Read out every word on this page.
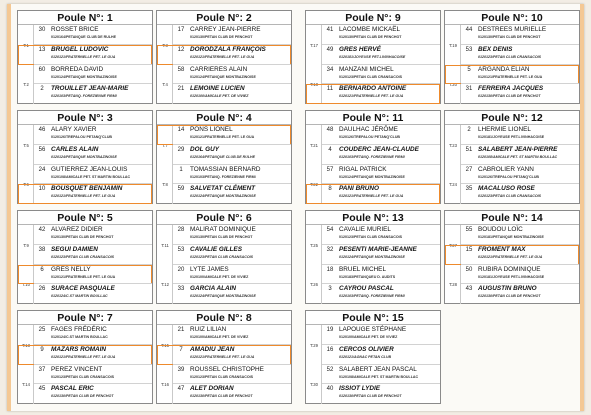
Poule N°: 1
T:1
T:2
30 ROSSET BRICE
0120164/PETANQUE CLUB DE RULHE
13 BRUGEL LUDOVIC
0120121/FRATERNELLE PET. LE GUA
60 BORREDA DAVID
0120124/PETANQUE MONTBAZINOISE
2	TROUILLET JEAN-MARIE
0120103/PETANQ. FOREZIENNE FIRMI
Poule N°: 2
T:3
T:4
17 CARREY JEAN-PIERRE
0120130/PETAN CLUB DE PENCHOT
12 DORODZALA FRANÇOIS
0120121/FRATERNELLE PET. LE GUA
58 CARRIERES ALAIN
0120124/PETANQUE MONTBAZINOISE
21 LEMOINE LUCIEN
0120100/AMICALE PET. DE VIVIEZ
Poule N°: 9
T:17
T:18
41 LACOMBE MICKAËL
0120130/PETAN CLUB DE PENCHOT
49 GRES HERVÉ
0120181/JOYEUSE PET.LIVINHACOISE
34 MANZANI MICHEL
0120123/PETAN CLUB CRANSACOIS
11 BERNARDO ANTOINE
0120121/FRATERNELLE PET. LE GUA
Poule N°: 10
T:19
T:20
44 DESTREES MURIELLE
0120130/PETAN CLUB DE PENCHOT
53 BEX DENIS
0120123/PETAN CLUB CRANSACOIS
5	ARGANDA ELIAN
0120121/FRATERNELLE PET. LE GUA
31 FERREIRA JACQUES
0120130/PETAN CLUB DE PENCHOT
Poule N°: 3
T:5
T:6
46 ALARY XAVIER
0120126/TREPALOU PETANQ'CLUB
56 CARLES ALAIN
0120124/PETANQUE MONTBAZINOISE
24 GUTIERREZ JEAN-LOUIS
0120108/AMICALE PET. ST MARTIN BOULLAC
10 BOUSQUET BENJAMIN
0120121/FRATERNELLE PET. LE GUA
Poule N°: 4
T:7
T:8
14 PONS LIONEL
0120121/FRATERNELLE PET. LE GUA
29 DOL GUY
0120164/PETANQUE CLUB DE RULHE
1	TOMASSIAN BERNARD
0120103/PETANQ. FOREZIENNE FIRMI
59 SALVETAT CLÉMENT
0120124/PETANQUE MONTBAZINOISE
Poule N°: 11
T:21
T:22
48 DAULHAC JÉRÔME
0120126/TREPALOU PETANQ'CLUB
4	COUDERC JEAN-CLAUDE
0120103/PETANQ. FOREZIENNE FIRMI
57 RIGAL PATRICK
0120124/PETANQUE MONTBAZINOISE
8	PANI BRUNO
0120121/FRATERNELLE PET. LE GUA
Poule N°: 12
T:23
T:24
2	LHERMIE LIONEL
0120181/JOYEUSE PET.LIVINHACOISE
51 SALABERT JEAN-PIERRE
0120108/AMICALE PET. ST MARTIN BOULLAC
27 CABROLIER YANN
0120126/TREPALOU PETANQ'CLUB
35 MACALUSO ROSE
0120123/PETAN CLUB CRANSACOIS
Poule N°: 5
T:9
T:10
42 ALVAREZ DIDIER
0120130/PETAN CLUB DE PENCHOT
38 SEGUI DAMIEN
0120123/PETAN CLUB CRANSACOIS
6	GRES NELLY
0120121/FRATERNELLE PET. LE GUA
26 SURACE PASQUALE
0120124/C.ST MARTIN BOULLAC
Poule N°: 6
T:11
T:12
28 MALIRAT DOMINIQUE
0120130/PETAN CLUB DE PENCHOT
53 CAVALIE GILLES
0120123/PETAN CLUB CRANSACOIS
20 LYTE JAMES
0120100/AMICALE PET. DE VIVIEZ
33 GARCIA ALAIN
0120124/PETANQUE MONTBAZINOISE
Poule N°: 13
T:25
T:26
54 CAVALIE MURIEL
0120123/PETAN CLUB CRANSACOIS
32 PESENTI MARIE-JEANNE
0120124/PETANQUE MONTBAZINOISE
18 BRUEL MICHEL
0120183/PETANQUEU D. AUDITS
3	CAYROU PASCAL
0120103/PETANQ. FOREZIENNE FIRMI
Poule N°: 14
T:27
T:28
55 BOUDOU LOÏC
0120181/PETANQUE MONTBAZINOISE
15 FROMENT MAX
0120121/FRATERNELLE PET. LE GUA
50 RUBIRA DOMINIQUE
0120181/JOYEUSE PET.LIVINHACOISE
43 AUGUSTIN BRUNO
0120130/PETAN CLUB DE PENCHOT
Poule N°: 7
T:13
T:14
25 FAGES FRÉDÉRIC
0120124/C.ST MARTIN BOULLAC
9	MAZARS ROMAIN
0120121/FRATERNELLE PET. LE GUA
37 PEREZ VINCENT
0120123/PETAN CLUB CRANSACOIS
45 PASCAL ERIC
0120130/PETAN CLUB DE PENCHOT
Poule N°: 8
T:15
T:16
21 RUIZ LILIAN
0120100/AMICALE PET. DE VIVIEZ
7	AMADIU JEAN
0120121/FRATERNELLE PET. LE GUA
39 ROUSSEL CHRISTOPHE
0120123/PETAN CLUB CRANSACOIS
47 ALET DORIAN
0120130/PETAN CLUB DE PENCHOT
Poule N°: 15
T:29
T:30
19 LAPOUGE STÉPHANE
0120100/AMICALE PET. DE VIVIEZ
16 CERCOS OLIVIER
0120121/AGNAC PETAN CLUB
52 SALABERT JEAN PASCAL
0120108/AMICALE PET. ST MARTIN BOULLAC
40 ISSIOT LYDIE
0120130/PETAN CLUB DE PENCHOT
